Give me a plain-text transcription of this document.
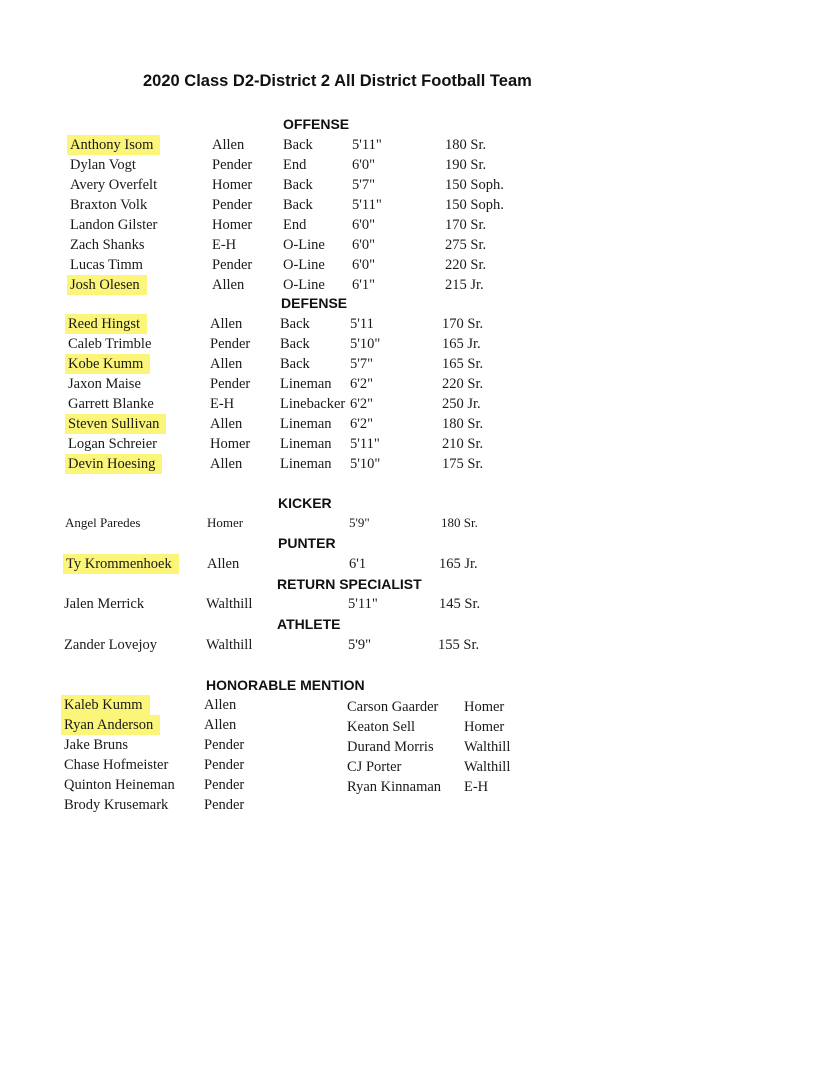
2020 Class D2-District 2 All District Football Team
OFFENSE
Anthony Isom	Allen	Back	5'11"	180 Sr.
Dylan Vogt	Pender End	6'0"	190 Sr.
Avery Overfelt	Homer Back	5'7"	150 Soph.
Braxton Volk	Pender Back	5'11"	150 Soph.
Landon Gilster	Homer End	6'0"	170 Sr.
Zach Shanks	E-H	O-Line 6'0"	275 Sr.
Lucas Timm	Pender O-Line 6'0"	220 Sr.
Josh Olesen	Allen	O-Line 6'1"	215 Jr.
DEFENSE
Reed Hingst	Allen	Back	5'11	170 Sr.
Caleb Trimble	Pender Back	5'10"	165 Jr.
Kobe Kumm	Allen	Back	5'7"	165 Sr.
Jaxon Maise	Pender Lineman 6'2"	220 Sr.
Garrett Blanke	E-H	Linebacker 6'2"	250 Jr.
Steven Sullivan	Allen	Lineman 6'2"	180 Sr.
Logan Schreier	Homer Lineman 5'11"	210 Sr.
Devin Hoesing	Allen	Lineman 5'10"	175 Sr.
KICKER
Angel Paredes	Homer	5'9"	180 Sr.
PUNTER
Ty Krommenhoek	Allen	6'1	165 Jr.
RETURN SPECIALIST
Jalen Merrick	Walthill	5'11"	145 Sr.
ATHLETE
Zander Lovejoy	Walthill	5'9"	155 Sr.
HONORABLE MENTION
Kaleb Kumm	Allen
Ryan Anderson	Allen
Jake Bruns	Pender
Chase Hofmeister Pender
Quinton Heineman Pender
Brody Krusemark Pender
Carson Gaarder Homer
Keaton Sell	Homer
Durand Morris Walthill
CJ Porter	Walthill
Ryan Kinnaman E-H
